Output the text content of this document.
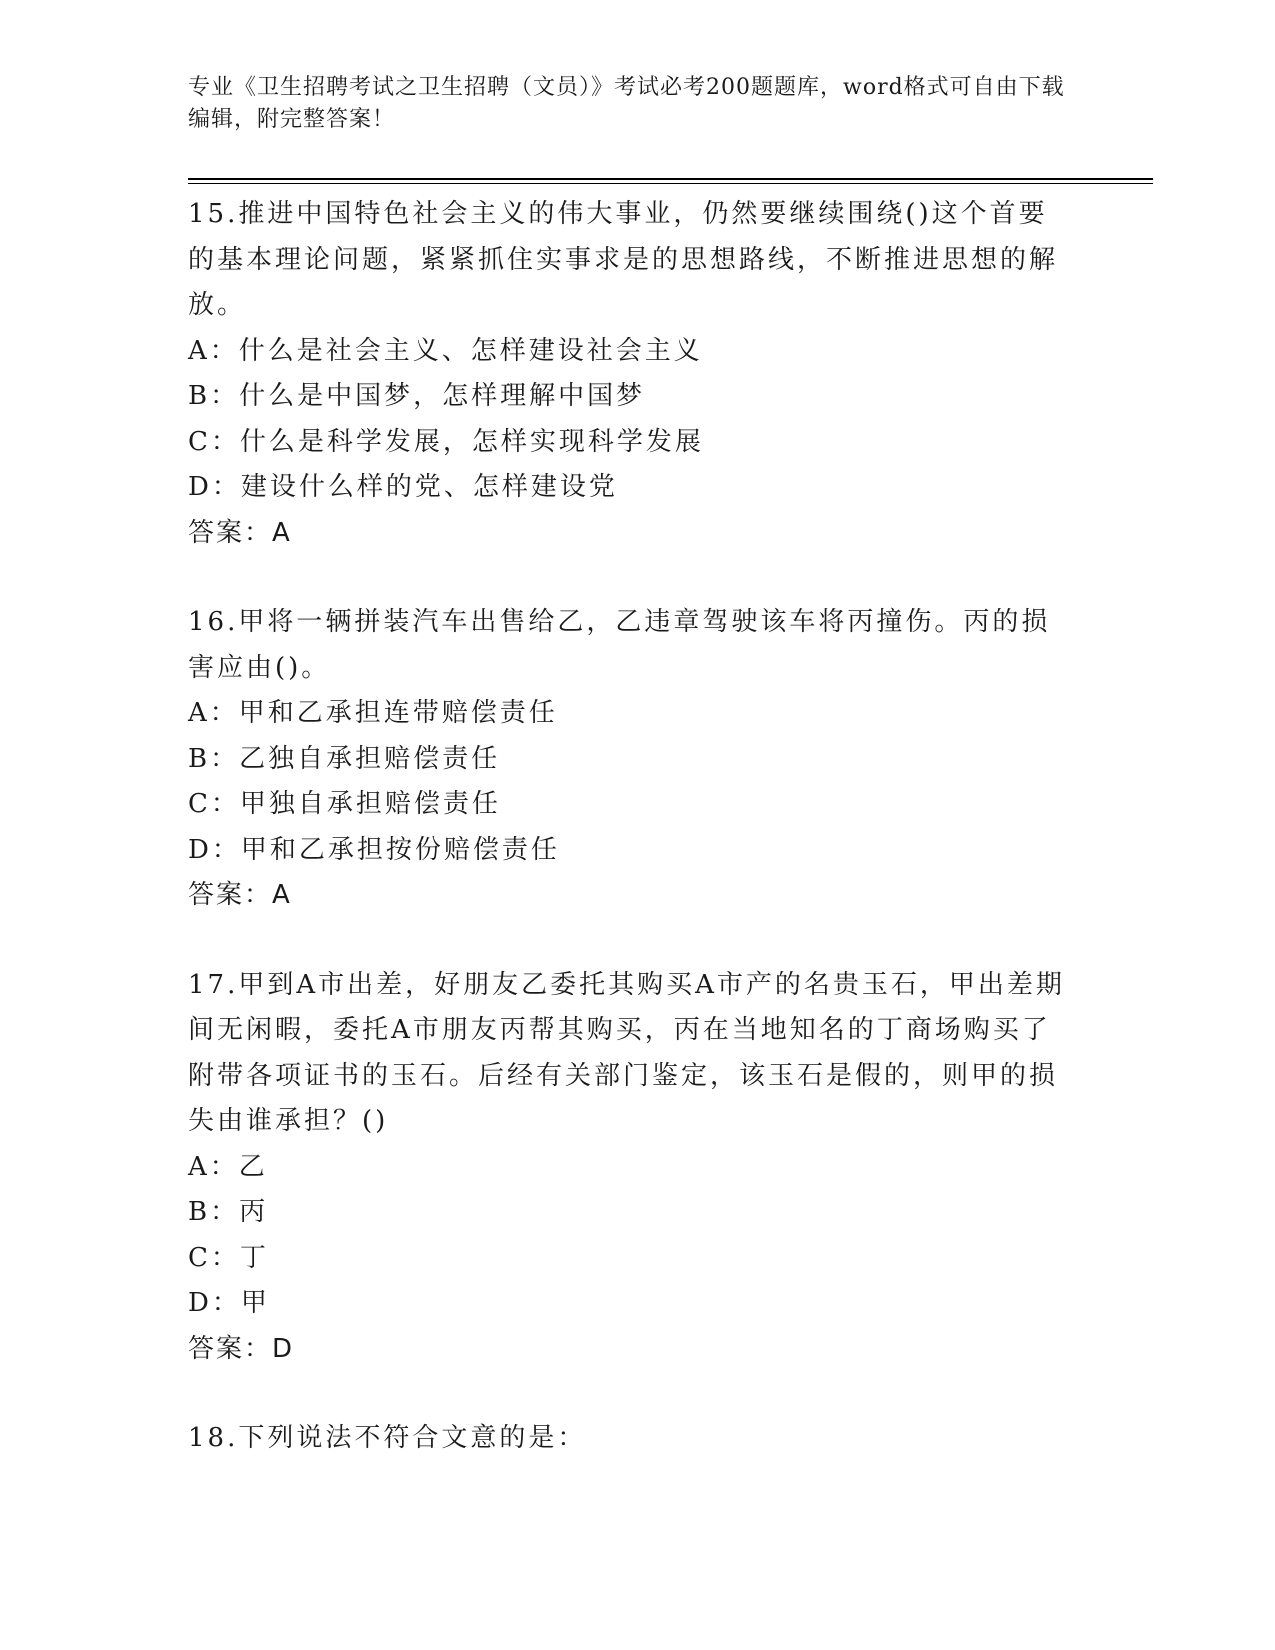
专业《卫生招聘考试之卫生招聘（文员）》考试必考200题题库，word格式可自由下载编辑，附完整答案！
15.推进中国特色社会主义的伟大事业，仍然要继续围绕()这个首要的基本理论问题，紧紧抓住实事求是的思想路线，不断推进思想的解放。
A：什么是社会主义、怎样建设社会主义
B：什么是中国梦，怎样理解中国梦
C：什么是科学发展，怎样实现科学发展
D：建设什么样的党、怎样建设党
答案：A
16.甲将一辆拼装汽车出售给乙，乙违章驾驶该车将丙撞伤。丙的损害应由()。
A：甲和乙承担连带赔偿责任
B：乙独自承担赔偿责任
C：甲独自承担赔偿责任
D：甲和乙承担按份赔偿责任
答案：A
17.甲到A市出差，好朋友乙委托其购买A市产的名贵玉石，甲出差期间无闲暇，委托A市朋友丙帮其购买，丙在当地知名的丁商场购买了附带各项证书的玉石。后经有关部门鉴定，该玉石是假的，则甲的损失由谁承担？()
A：乙
B：丙
C：丁
D：甲
答案：D
18.下列说法不符合文意的是：
